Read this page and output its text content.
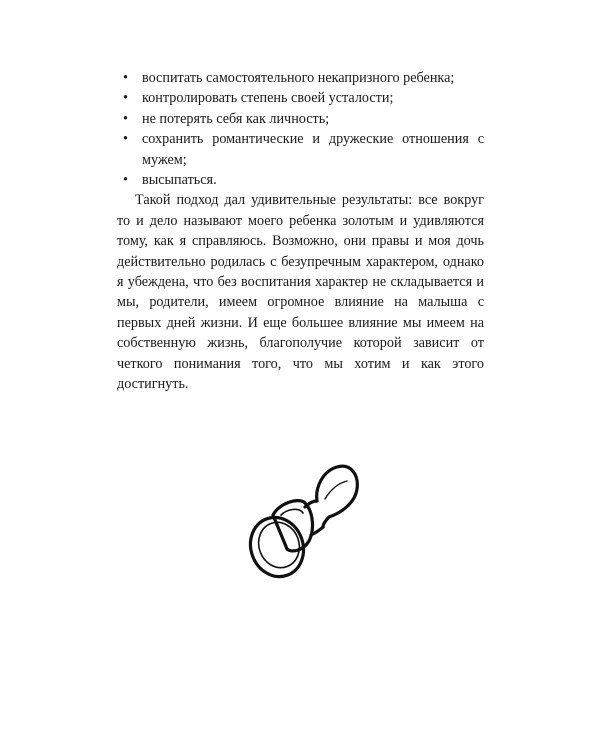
• воспитать самостоятельного некапризного ребенка;
• контролировать степень своей усталости;
• не потерять себя как личность;
• сохранить романтические и дружеские отношения с мужем;
• высыпаться.

Такой подход дал удивительные результаты: все вокруг то и дело называют моего ребенка золотым и удивляются тому, как я справляюсь. Возможно, они правы и моя дочь действительно родилась с безупречным характером, однако я убеждена, что без воспитания характер не складывается и мы, родители, имеем огромное влияние на малыша с первых дней жизни. И еще большее влияние мы имеем на собственную жизнь, благополучие которой зависит от четкого понимания того, что мы хотим и как этого достигнуть.
